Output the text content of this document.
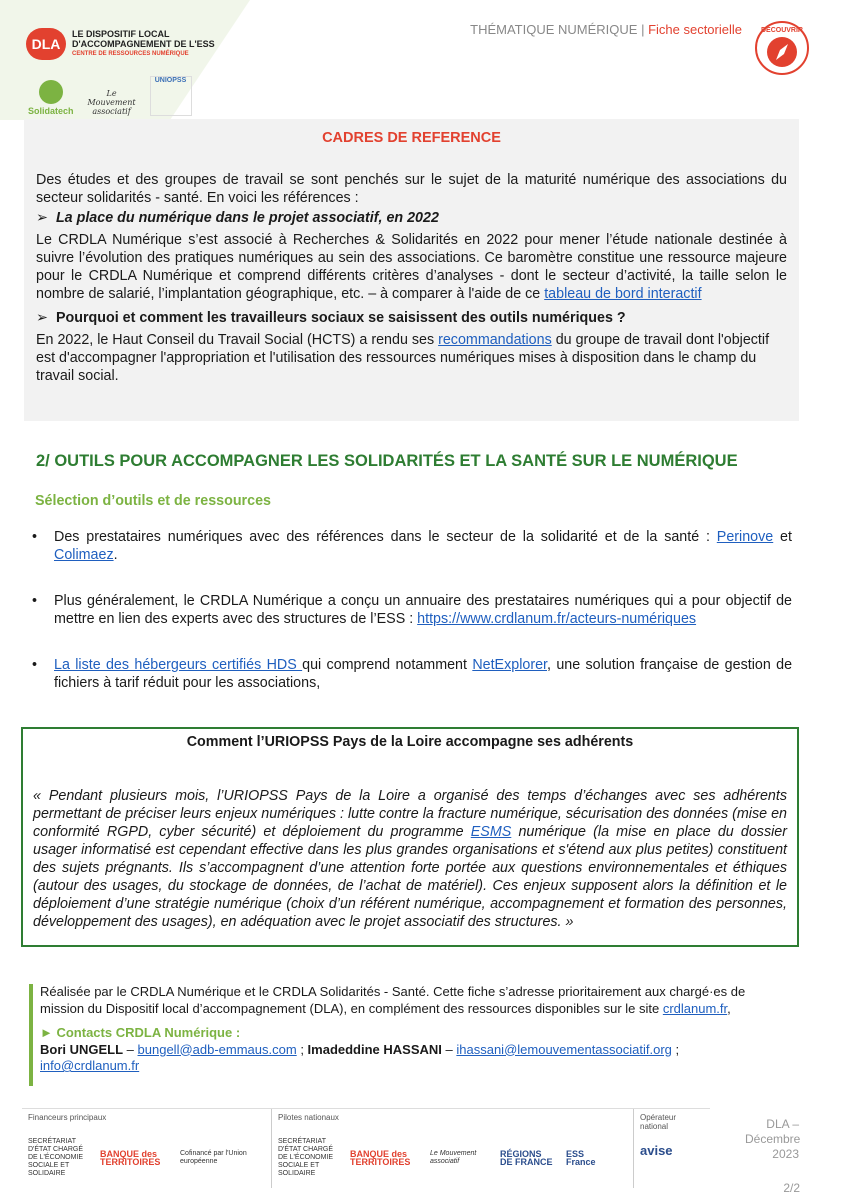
DLA
LE DISPOSITIF LOCAL
D'ACCOMPAGNEMENT DE L'ESS
CENTRE DE RESSOURCES NUMÉRIQUE
Solidatech
Le Mouvement associatif
UNIOPSS
THÉMATIQUE NUMÉRIQUE | Fiche sectorielle	DÉCOUVRIR
CADRES DE REFERENCE

Des études et des groupes de travail se sont penchés sur le sujet de la maturité numérique des associations du secteur solidarités - santé. En voici les références :

➢  La place du numérique dans le projet associatif, en 2022

Le CRDLA Numérique s’est associé à Recherches & Solidarités en 2022 pour mener l’étude nationale destinée à suivre l’évolution des pratiques numériques au sein des associations. Ce baromètre constitue une ressource majeure pour le CRDLA Numérique et comprend différents critères d’analyses - dont le secteur d’activité, la taille selon le nombre de salarié, l’implantation géographique, etc. – à comparer à l'aide de ce tableau de bord interactif

➢  Pourquoi et comment les travailleurs sociaux se saisissent des outils numériques ?

En 2022, le Haut Conseil du Travail Social (HCTS) a rendu ses recommandations du groupe de travail dont l'objectif est d'accompagner l'appropriation et l'utilisation des ressources numériques mises à disposition dans le champ du travail social.

2/ OUTILS POUR ACCOMPAGNER LES SOLIDARITÉS ET LA SANTÉ SUR LE NUMÉRIQUE
Sélection d’outils et de ressources
• Des prestataires numériques avec des références dans le secteur de la solidarité et de la santé : Perinove et Colimaez.
• Plus généralement, le CRDLA Numérique a conçu un annuaire des prestataires numériques qui a pour objectif de mettre en lien des experts avec des structures de l’ESS : https://www.crdlanum.fr/acteurs-numériques
• La liste des hébergeurs certifiés HDS qui comprend notamment NetExplorer, une solution française de gestion de fichiers à tarif réduit pour les associations,
Comment l’URIOPSS Pays de la Loire accompagne ses adhérents

« Pendant plusieurs mois, l’URIOPSS Pays de la Loire a organisé des temps d’échanges avec ses adhérents permettant de préciser leurs enjeux numériques : lutte contre la fracture numérique, sécurisation des données (mise en conformité RGPD, cyber sécurité) et déploiement du programme ESMS numérique (la mise en place du dossier usager informatisé est cependant effective dans les plus grandes organisations et s'étend aux plus petites) constituent des sujets prégnants. Ils s’accompagnent d’une attention forte portée aux questions environnementales et éthiques (autour des usages, du stockage de données, de l’achat de matériel). Ces enjeux supposent alors la définition et le déploiement d’une stratégie numérique (choix d’un référent numérique, accompagnement et formation des personnes, développement des usages), en adéquation avec le projet associatif des structures. »

Réalisée par le CRDLA Numérique et le CRDLA Solidarités - Santé. Cette fiche s’adresse prioritairement aux chargé·es de mission du Dispositif local d’accompagnement (DLA), en complément des ressources disponibles sur le site crdlanum.fr,

► Contacts CRDLA Numérique :

Bori UNGELL – bungell@adb-emmaus.com ; Imadeddine HASSANI – ihassani@lemouvementassociatif.org ;

info@crdlanum.fr

Financeurs principaux
SECRÉTARIAT D'ÉTAT CHARGÉ DE L'ÉCONOMIE SOCIALE ET SOLIDAIRE
BANQUE des TERRITOIRES
Cofinancé par l'Union européenne
Pilotes nationaux
SECRÉTARIAT D'ÉTAT CHARGÉ DE L'ÉCONOMIE SOCIALE ET SOLIDAIRE
BANQUE des TERRITOIRES
Le Mouvement associatif
RÉGIONS DE FRANCE
ESS France
Opérateur national
avise
DLA –
Décembre
2023
2/2
